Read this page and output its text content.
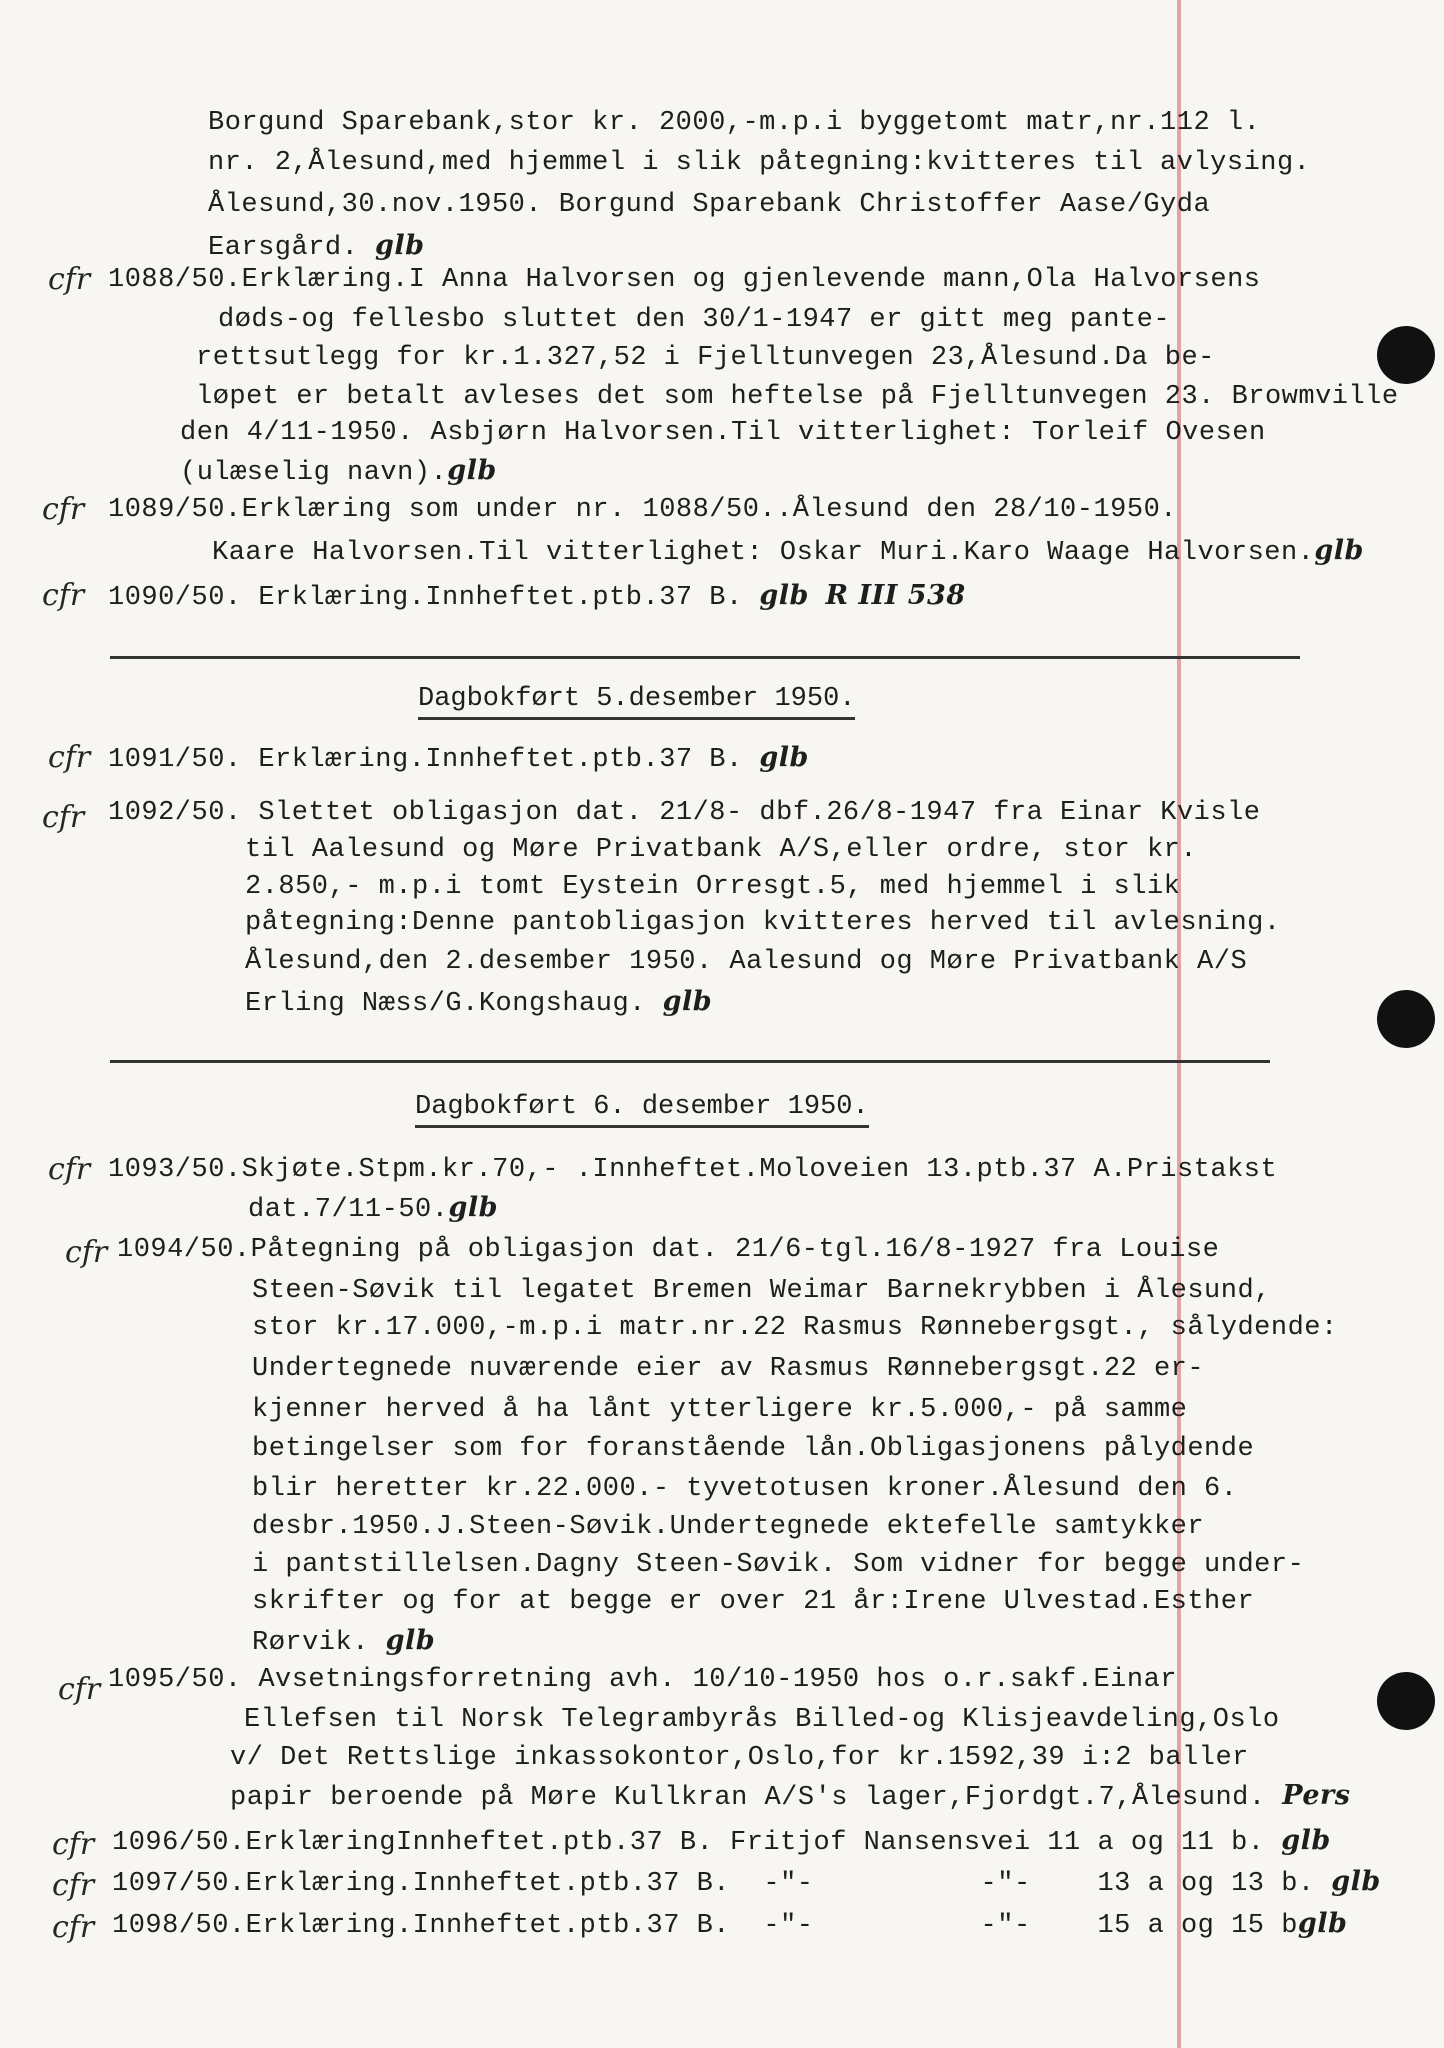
Borgund Sparebank,stor kr. 2000,-m.p.i byggetomt matr,nr.112 l.
nr. 2,Ålesund,med hjemmel i slik påtegning:kvitteres til avlysing.
Ålesund,30.nov.1950. Borgund Sparebank Christoffer Aase/Gyda
Earsgård. glb
cfr 1088/50.Erklæring.I Anna Halvorsen og gjenlevende mann,Ola Halvorsens
døds-og fellesbo sluttet den 30/1-1947 er gitt meg pante-
rettsutlegg for kr.1.327,52 i Fjelltunvegen 23,Ålesund.Da be-
løpet er betalt avleses det som heftelse på Fjelltunvegen 23. Browmville
den 4/11-1950. Asbjørn Halvorsen.Til vitterlighet: Torleif Ovesen
(ulæselig navn).glb
cfr 1089/50.Erklæring som under nr. 1088/50..Ålesund den 28/10-1950.
Kaare Halvorsen.Til vitterlighet: Oskar Muri.Karo Waage Halvorsen.glb
cfr 1090/50. Erklæring.Innheftet.ptb.37 B. glb R III 538
Dagbokført 5.desember 1950.
cfr 1091/50. Erklæring.Innheftet.ptb.37 B. glb
cfr 1092/50. Slettet obligasjon dat. 21/8- dbf.26/8-1947 fra Einar Kvisle
til Aalesund og Møre Privatbank A/S,eller ordre, stor kr.
2.850,- m.p.i tomt Eystein Orresgt.5, med hjemmel i slik
påtegning:Denne pantobligasjon kvitteres herved til avlesning.
Ålesund,den 2.desember 1950. Aalesund og Møre Privatbank A/S
Erling Næss/G.Kongshaug. glb
Dagbokført 6. desember 1950.
cfr 1093/50.Skjøte.Stpm.kr.70,- .Innheftet.Moloveien 13.ptb.37 A.Pristakst
dat.7/11-50.glb
cfr 1094/50.Påtegning på obligasjon dat. 21/6-tgl.16/8-1927 fra Louise
Steen-Søvik til legatet Bremen Weimar Barnekrybben i Ålesund,
stor kr.17.000,-m.p.i matr.nr.22 Rasmus Rønnebergsgt., sålydende:
Undertegnede nuværende eier av Rasmus Rønnebergsgt.22 er-
kjenner herved å ha lånt ytterligere kr.5.000,- på samme
betingelser som for foranstående lån.Obligasjonens pålydende
blir heretter kr.22.000.- tyvetotusen kroner.Ålesund den 6.
desbr.1950.J.Steen-Søvik.Undertegnede ektefelle samtykker
i pantstillelsen.Dagny Steen-Søvik. Som vidner for begge under-
skrifter og for at begge er over 21 år:Irene Ulvestad.Esther
Rørvik. glb
cfr 1095/50. Avsetningsforretning avh. 10/10-1950 hos o.r.sakf.Einar
Ellefsen til Norsk Telegrambyrås Billed-og Klisjeavdeling,Oslo
v/ Det Rettslige inkassokontor,Oslo,for kr.1592,39 i:2 baller
papir beroende på Møre Kullkran A/S's lager,Fjordgt.7,Ålesund. Pers
cfr 1096/50.ErklæringInnheftet.ptb.37 B. Fritjof Nansensvei 11 a og 11 b. glb
cfr 1097/50.Erklæring.Innheftet.ptb.37 B.  -"-          -"-    13 a og 13 b. glb
cfr 1098/50.Erklæring.Innheftet.ptb.37 B.  -"-          -"-    15 a og 15 bglb
